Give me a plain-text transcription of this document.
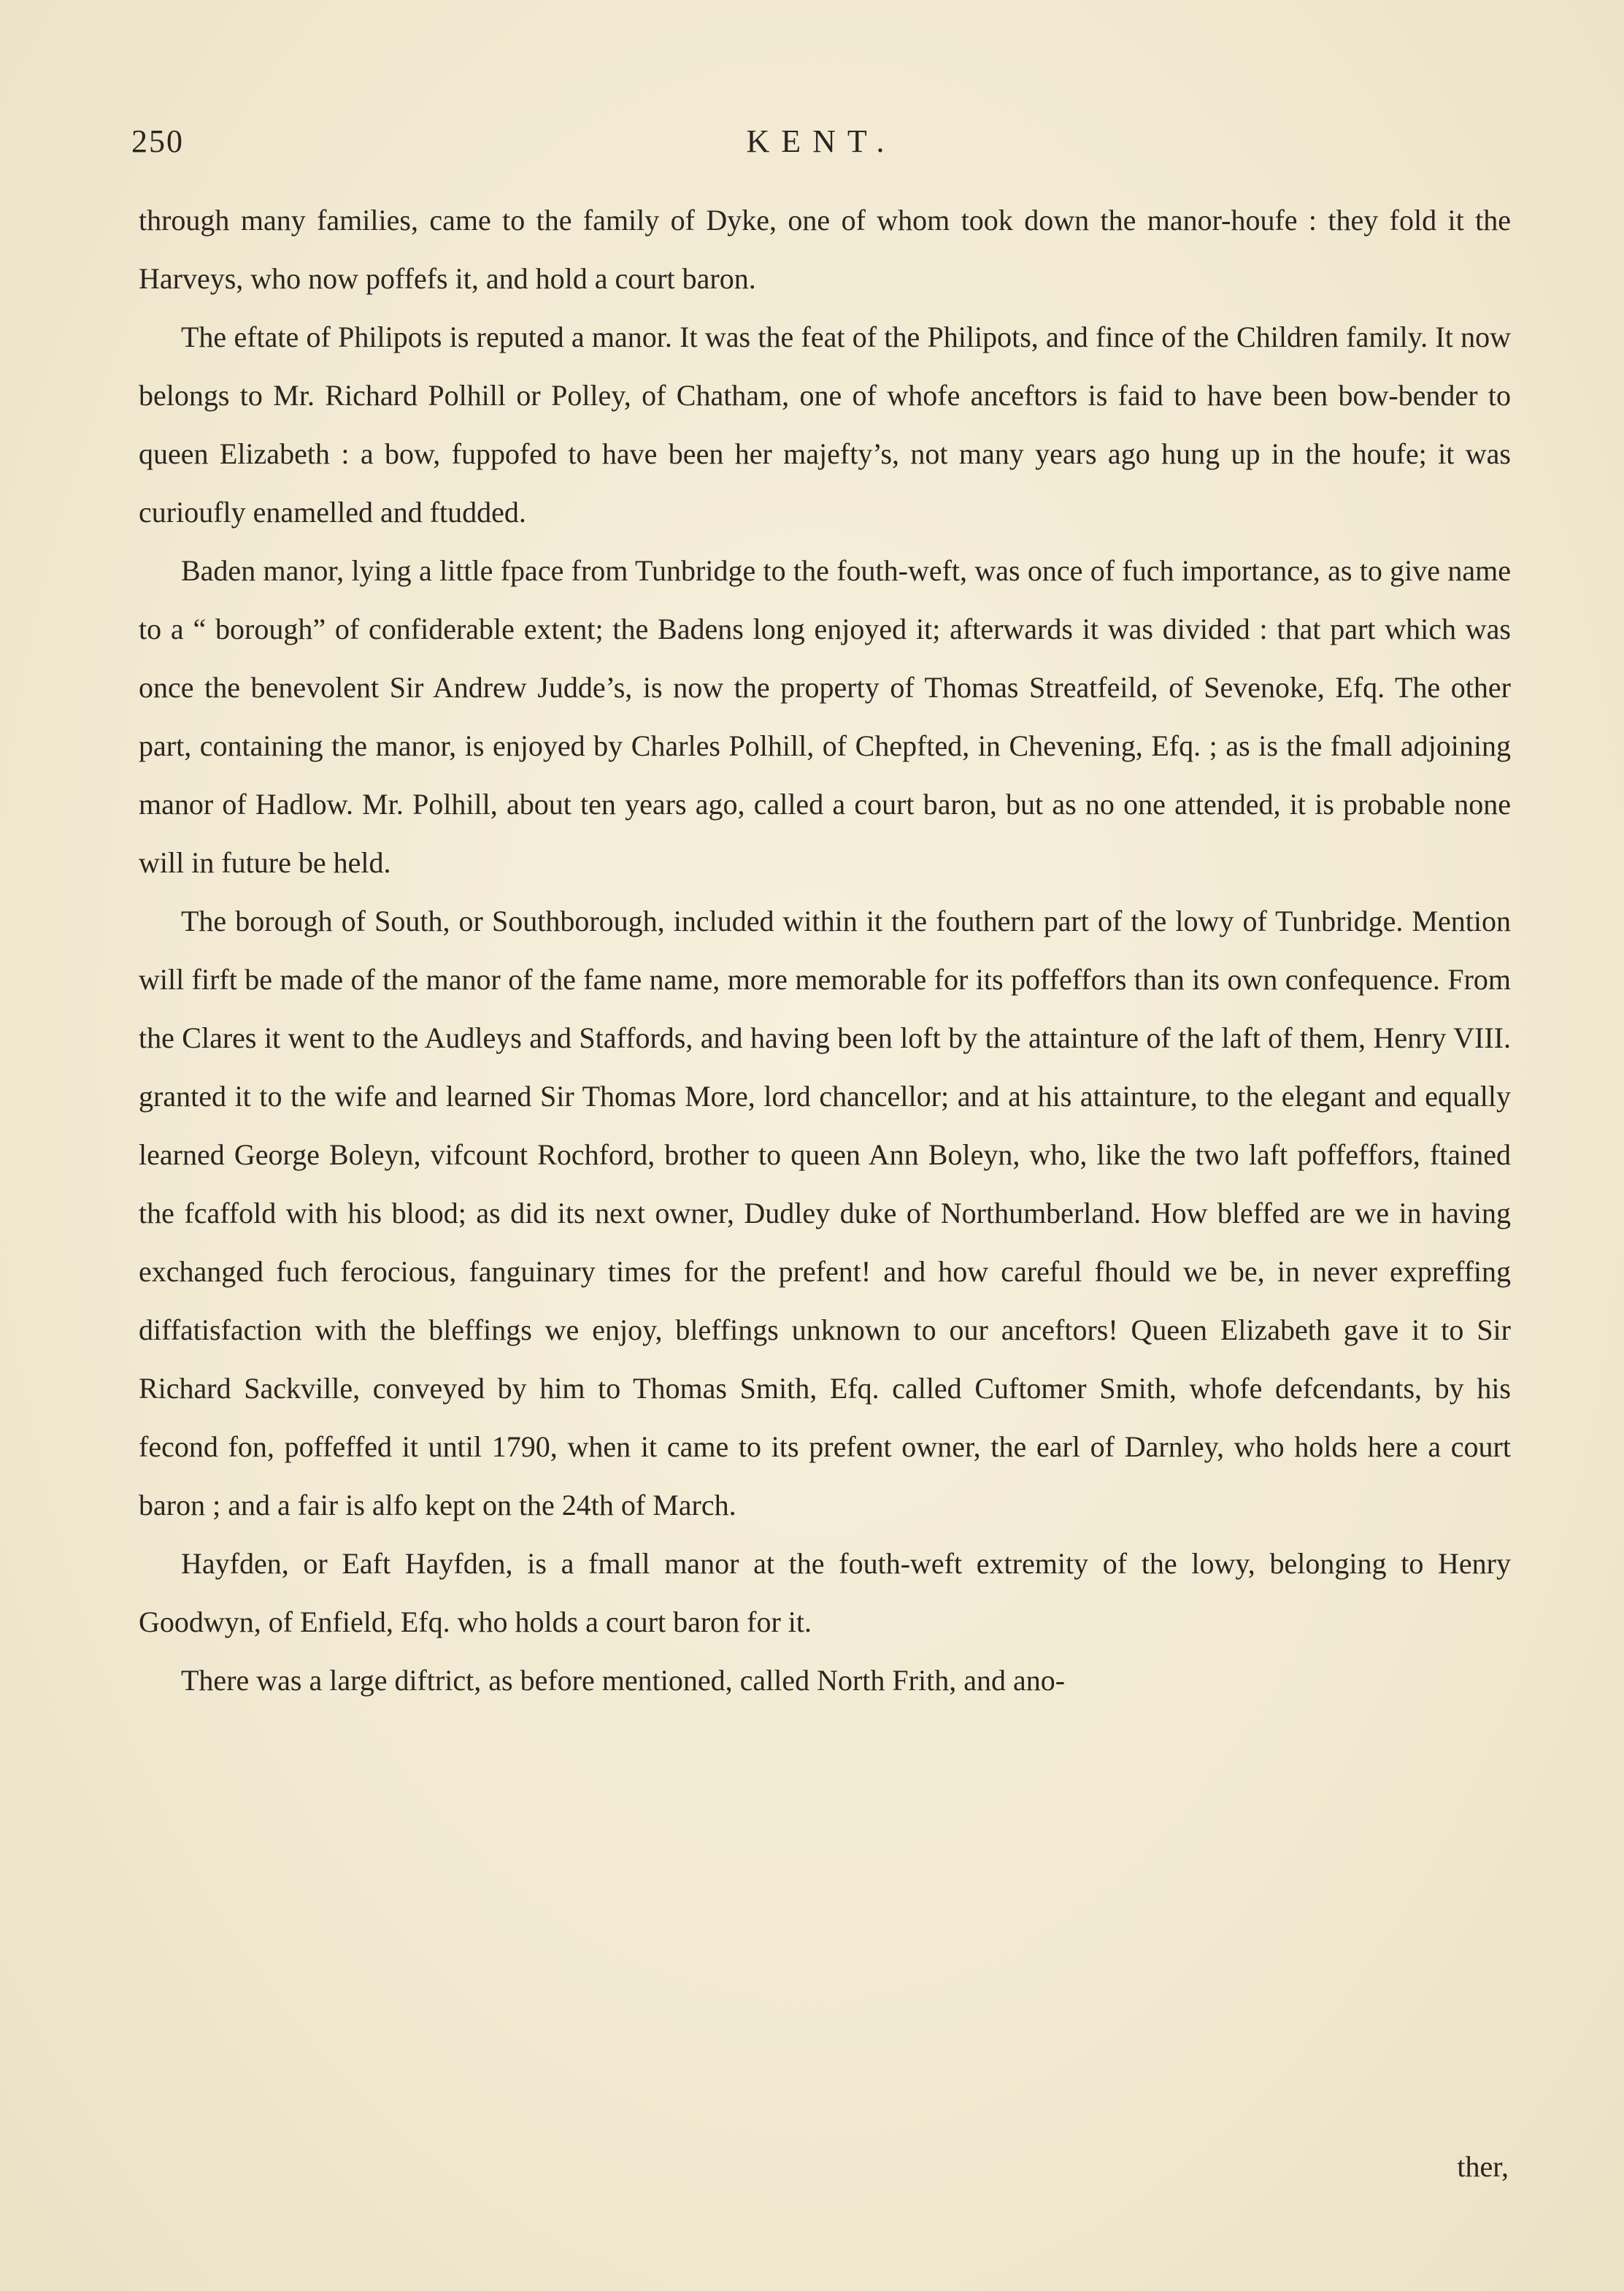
250	KENT.

through many families, came to the family of Dyke, one of whom took down the manor-houfe : they fold it the Harveys, who now poffefs it, and hold a court baron.

The eftate of Philipots is reputed a manor. It was the feat of the Philipots, and fince of the Children family. It now belongs to Mr. Richard Polhill or Polley, of Chatham, one of whofe anceftors is faid to have been bow-bender to queen Elizabeth : a bow, fuppofed to have been her majefty’s, not many years ago hung up in the houfe; it was curioufly enamelled and ftudded.

Baden manor, lying a little fpace from Tunbridge to the fouth-weft, was once of fuch importance, as to give name to a “ borough” of confiderable extent; the Badens long enjoyed it; afterwards it was divided : that part which was once the benevolent Sir Andrew Judde’s, is now the property of Thomas Streatfeild, of Sevenoke, Efq. The other part, containing the manor, is enjoyed by Charles Polhill, of Chepfted, in Chevening, Efq. ; as is the fmall adjoining manor of Hadlow. Mr. Polhill, about ten years ago, called a court baron, but as no one attended, it is probable none will in future be held.

The borough of South, or Southborough, included within it the fouthern part of the lowy of Tunbridge. Mention will firft be made of the manor of the fame name, more memorable for its poffeffors than its own confequence. From the Clares it went to the Audleys and Staffords, and having been loft by the attainture of the laft of them, Henry VIII. granted it to the wife and learned Sir Thomas More, lord chancellor; and at his attainture, to the elegant and equally learned George Boleyn, vifcount Rochford, brother to queen Ann Boleyn, who, like the two laft poffeffors, ftained the fcaffold with his blood; as did its next owner, Dudley duke of Northumberland. How bleffed are we in having exchanged fuch ferocious, fanguinary times for the prefent! and how careful fhould we be, in never expreffing diffatisfaction with the bleffings we enjoy, bleffings unknown to our anceftors! Queen Elizabeth gave it to Sir Richard Sackville, conveyed by him to Thomas Smith, Efq. called Cuftomer Smith, whofe defcendants, by his fecond fon, poffeffed it until 1790, when it came to its prefent owner, the earl of Darnley, who holds here a court baron ; and a fair is alfo kept on the 24th of March.

Hayfden, or Eaft Hayfden, is a fmall manor at the fouth-weft extremity of the lowy, belonging to Henry Goodwyn, of Enfield, Efq. who holds a court baron for it.

There was a large diftrict, as before mentioned, called North Frith, and ano-

ther,
